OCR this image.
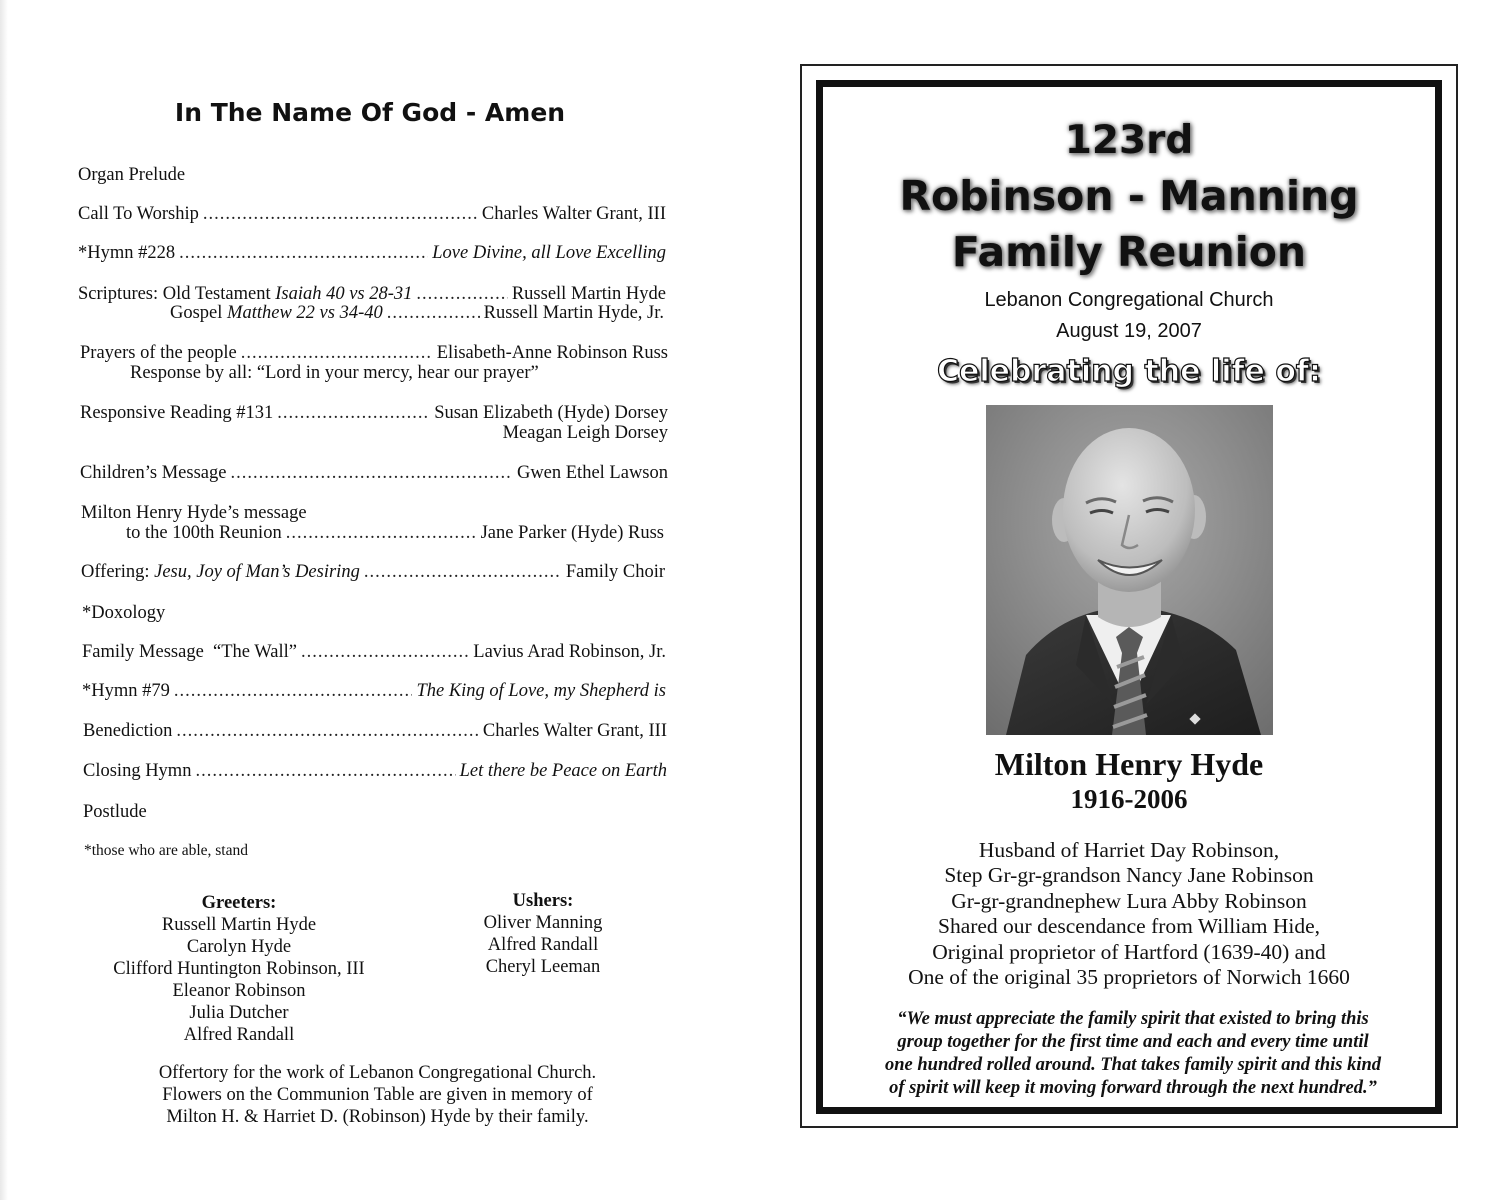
In The Name Of God - Amen
Organ Prelude
Call To Worship .....	Charles Walter Grant, III
*Hymn #228 .....	Love Divine, all Love Excelling
Scriptures: Old Testament Isaiah 40 vs 28-31 .....	Russell Martin Hyde
Gospel Matthew 22 vs 34-40 .....	Russell Martin Hyde, Jr.
Prayers of the people .....	Elisabeth-Anne Robinson Russ
Response by all: “Lord in your mercy, hear our prayer”
Responsive Reading #131 .....	Susan Elizabeth (Hyde) Dorsey
Meagan Leigh Dorsey
Children’s Message .....	Gwen Ethel Lawson
Milton Henry Hyde’s message
to the 100th Reunion .....	Jane Parker (Hyde) Russ
Offering: Jesu, Joy of Man’s Desiring .....	Family Choir
*Doxology
Family Message  “The Wall” .....	Lavius Arad Robinson, Jr.
*Hymn #79 .....	The King of Love, my Shepherd is
Benediction .....	Charles Walter Grant, III
Closing Hymn .....	Let there be Peace on Earth
Postlude
*those who are able, stand
Greeters:
Russell Martin Hyde
Carolyn Hyde
Clifford Huntington Robinson, III
Eleanor Robinson
Julia Dutcher
Alfred Randall
Ushers:
Oliver Manning
Alfred Randall
Cheryl Leeman
Offertory for the work of Lebanon Congregational Church.
Flowers on the Communion Table are given in memory of
Milton H. & Harriet D. (Robinson) Hyde by their family.
123rd
Robinson - Manning
Family Reunion
Lebanon Congregational Church
August 19, 2007
Celebrating the life of:
Milton Henry Hyde
1916-2006
Husband of Harriet Day Robinson,
Step Gr-gr-grandson Nancy Jane Robinson
Gr-gr-grandnephew Lura Abby Robinson
Shared our descendance from William Hide,
Original proprietor of Hartford (1639-40) and
One of the original 35 proprietors of Norwich 1660
“We must appreciate the family spirit that existed to bring this
group together for the first time and each and every time until
one hundred rolled around. That takes family spirit and this kind
of spirit will keep it moving forward through the next hundred.”
